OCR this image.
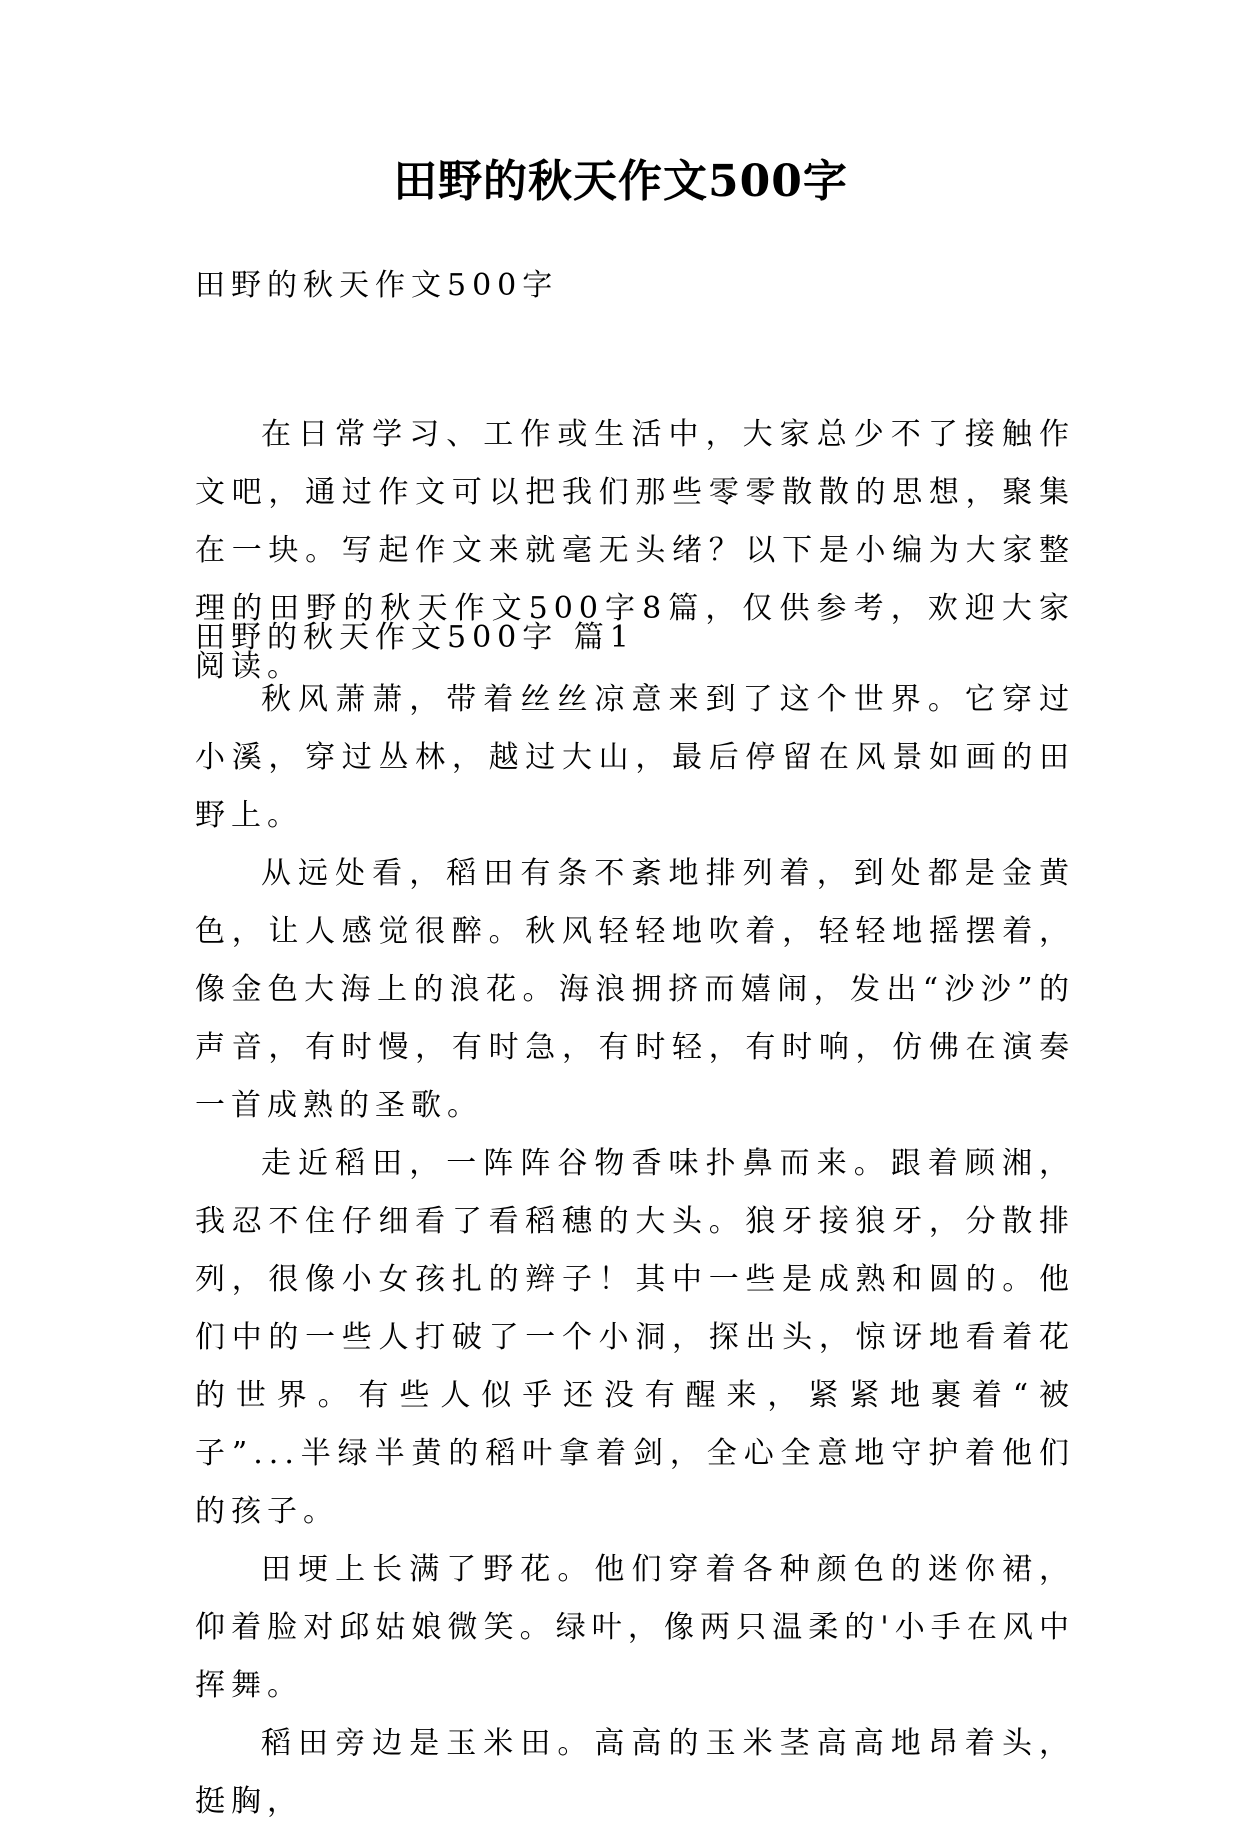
田野的秋天作文500字
田野的秋天作文500字

在日常学习、工作或生活中，大家总少不了接触作文吧，通过作文可以把我们那些零零散散的思想，聚集在一块。写起作文来就毫无头绪？以下是小编为大家整理的田野的秋天作文500字8篇，仅供参考，欢迎大家阅读。

田野的秋天作文500字 篇1

秋风萧萧，带着丝丝凉意来到了这个世界。它穿过小溪，穿过丛林，越过大山，最后停留在风景如画的田野上。

从远处看，稻田有条不紊地排列着，到处都是金黄色，让人感觉很醉。秋风轻轻地吹着，轻轻地摇摆着，像金色大海上的浪花。海浪拥挤而嬉闹，发出“沙沙”的声音，有时慢，有时急，有时轻，有时响，仿佛在演奏一首成熟的圣歌。

走近稻田，一阵阵谷物香味扑鼻而来。跟着顾湘，我忍不住仔细看了看稻穗的大头。狼牙接狼牙，分散排列，很像小女孩扎的辫子！其中一些是成熟和圆的。他们中的一些人打破了一个小洞，探出头，惊讶地看着花的世界。有些人似乎还没有醒来，紧紧地裹着“被子”...半绿半黄的稻叶拿着剑，全心全意地守护着他们的孩子。

田埂上长满了野花。他们穿着各种颜色的迷你裙，仰着脸对邱姑娘微笑。绿叶，像两只温柔的'小手在风中挥舞。

稻田旁边是玉米田。高高的玉米茎高高地昂着头，挺胸，
